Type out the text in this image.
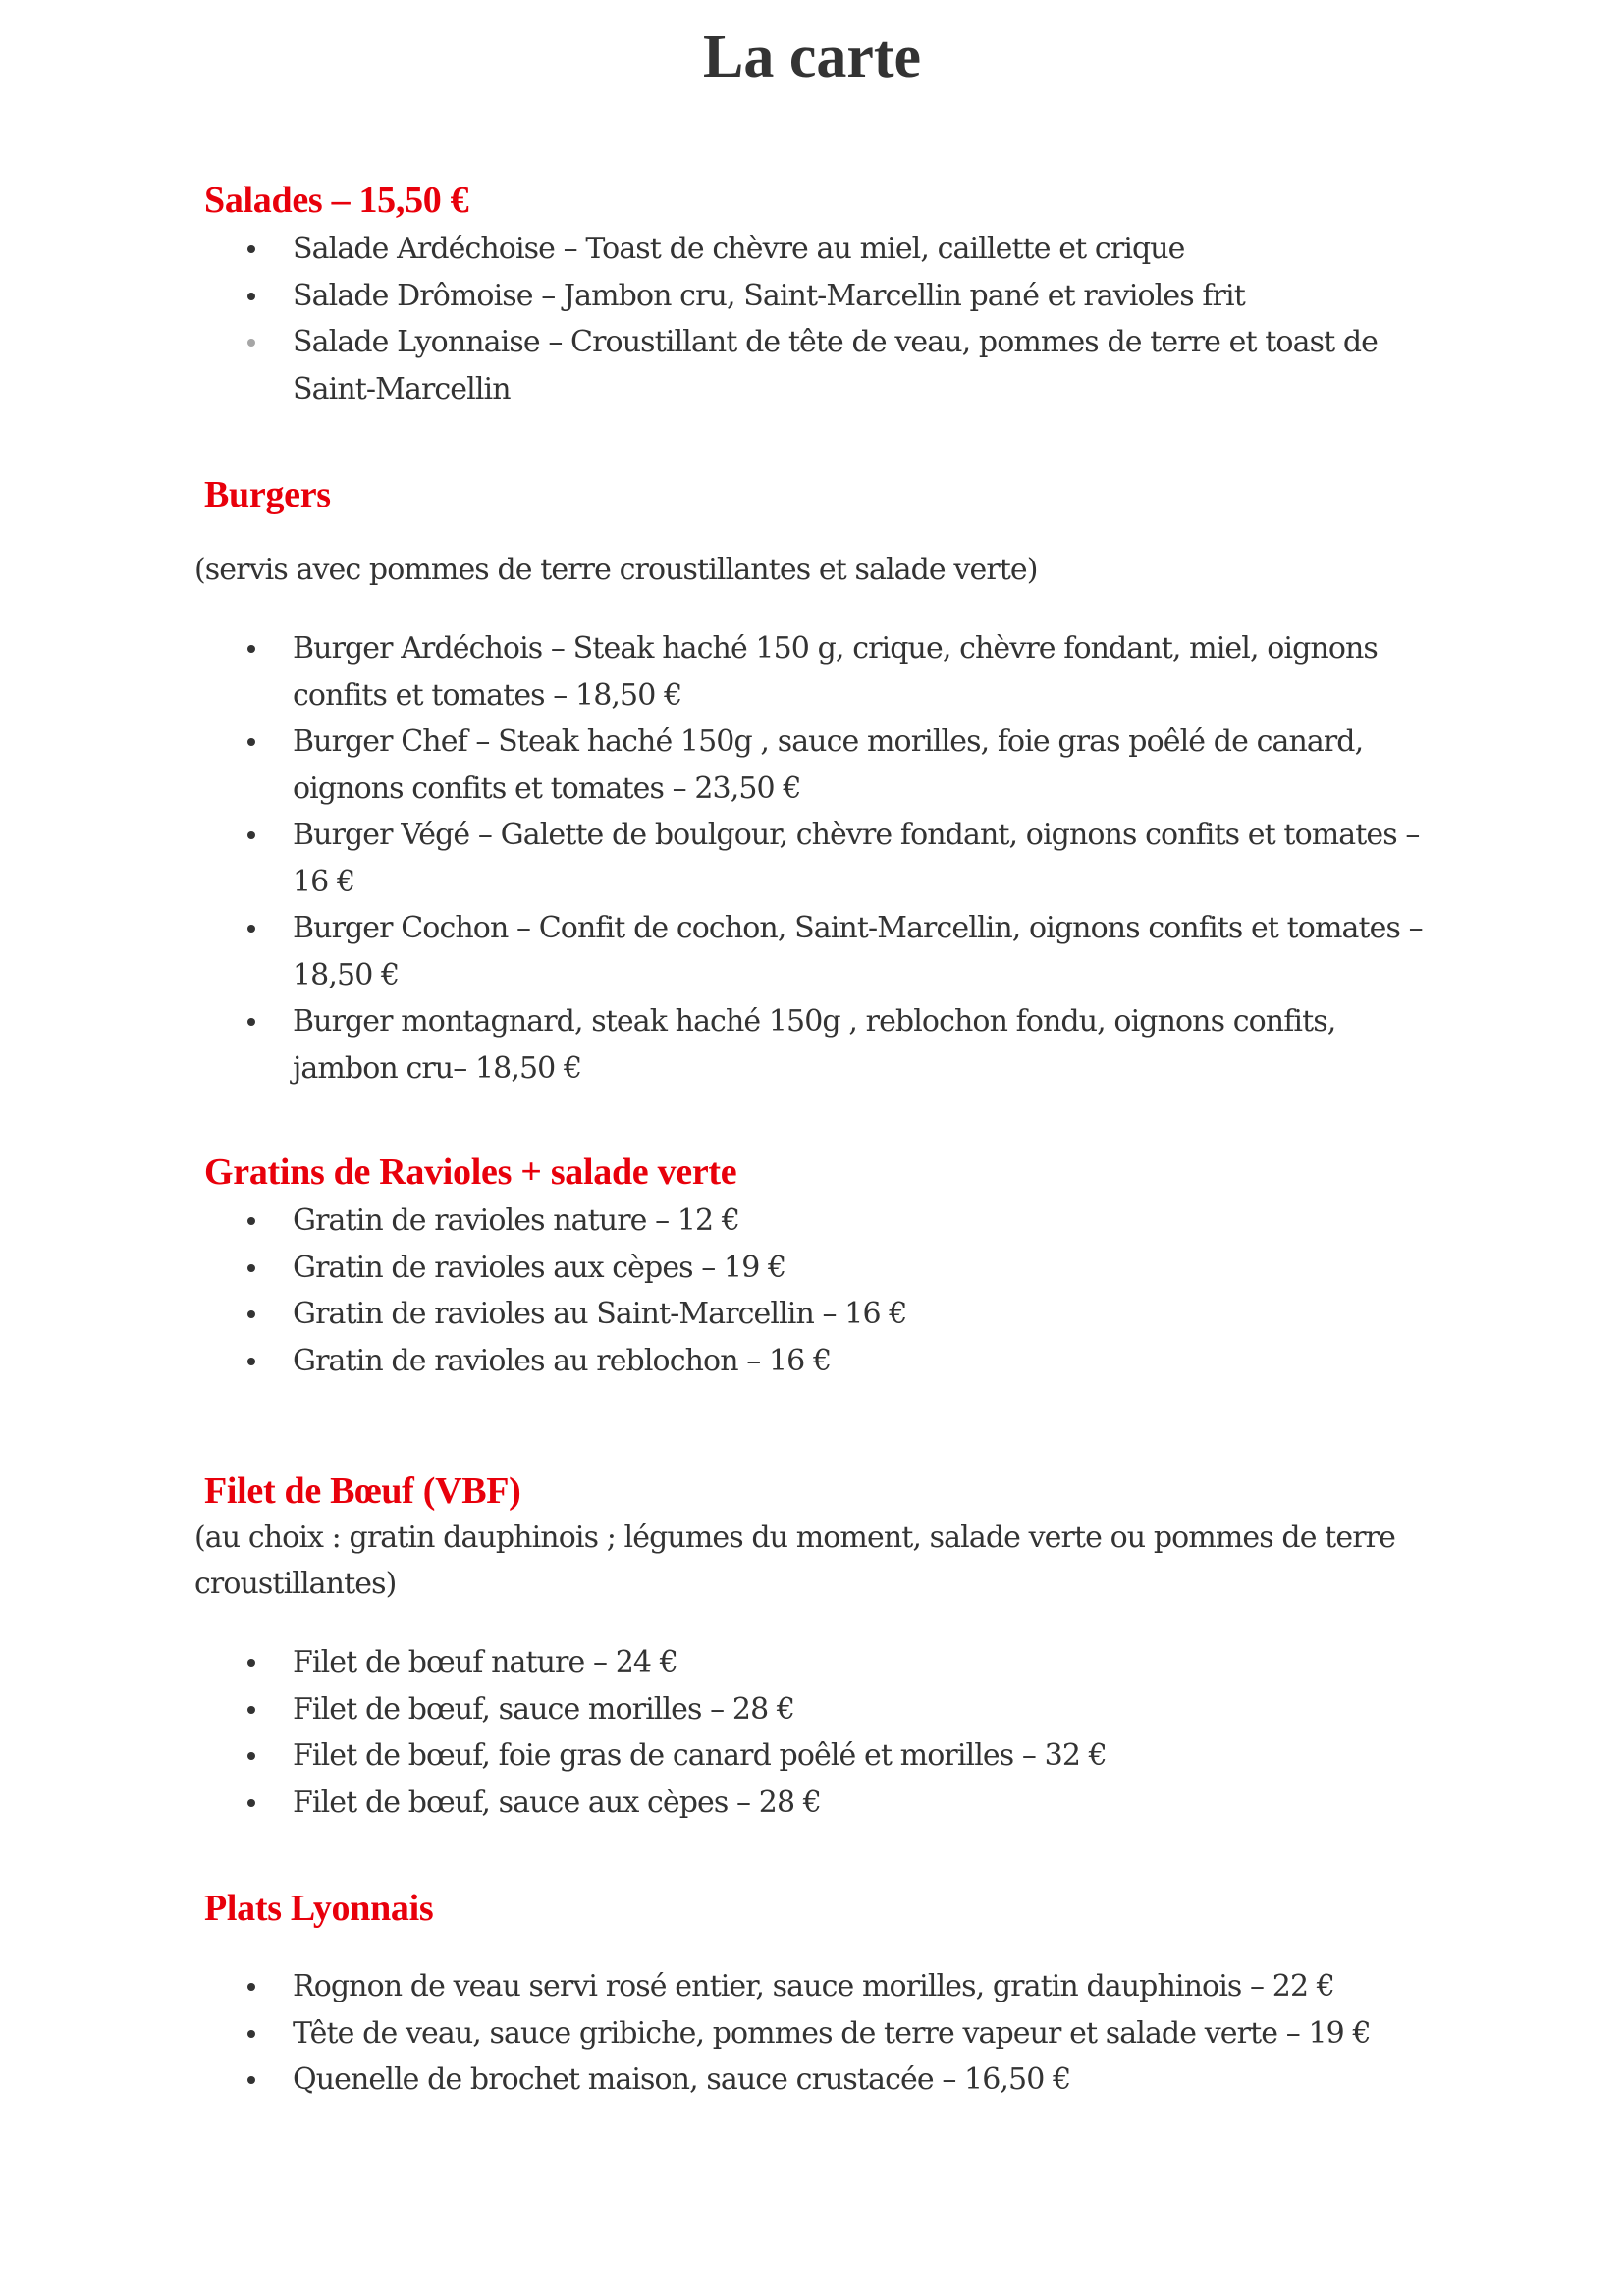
La carte
Salades – 15,50 €
Salade Ardéchoise – Toast de chèvre au miel, caillette et crique
Salade Drômoise – Jambon cru, Saint-Marcellin pané et ravioles frit
Salade Lyonnaise – Croustillant de tête de veau, pommes de terre et toast de Saint-Marcellin
Burgers

(servis avec pommes de terre croustillantes et salade verte)

Burger Ardéchois – Steak haché 150 g, crique, chèvre fondant, miel, oignons confits et tomates – 18,50 €
Burger Chef – Steak haché 150g , sauce morilles, foie gras poêlé de canard, oignons confits et tomates – 23,50 €
Burger Végé – Galette de boulgour, chèvre fondant, oignons confits et tomates – 16 €
Burger Cochon – Confit de cochon, Saint-Marcellin, oignons confits et tomates – 18,50 €
Burger montagnard, steak haché 150g , reblochon fondu, oignons confits, jambon cru– 18,50 €
Gratins de Ravioles + salade verte
Gratin de ravioles nature – 12 €
Gratin de ravioles aux cèpes – 19 €
Gratin de ravioles au Saint-Marcellin – 16 €
Gratin de ravioles au reblochon – 16 €
Filet de Bœuf (VBF)

(au choix : gratin dauphinois ; légumes du moment, salade verte ou pommes de terre croustillantes)

Filet de bœuf nature – 24 €
Filet de bœuf, sauce morilles – 28 €
Filet de bœuf, foie gras de canard poêlé et morilles – 32 €
Filet de bœuf, sauce aux cèpes – 28 €
Plats Lyonnais
Rognon de veau servi rosé entier, sauce morilles, gratin dauphinois – 22 €
Tête de veau, sauce gribiche, pommes de terre vapeur et salade verte – 19 €
Quenelle de brochet maison, sauce crustacée – 16,50 €
